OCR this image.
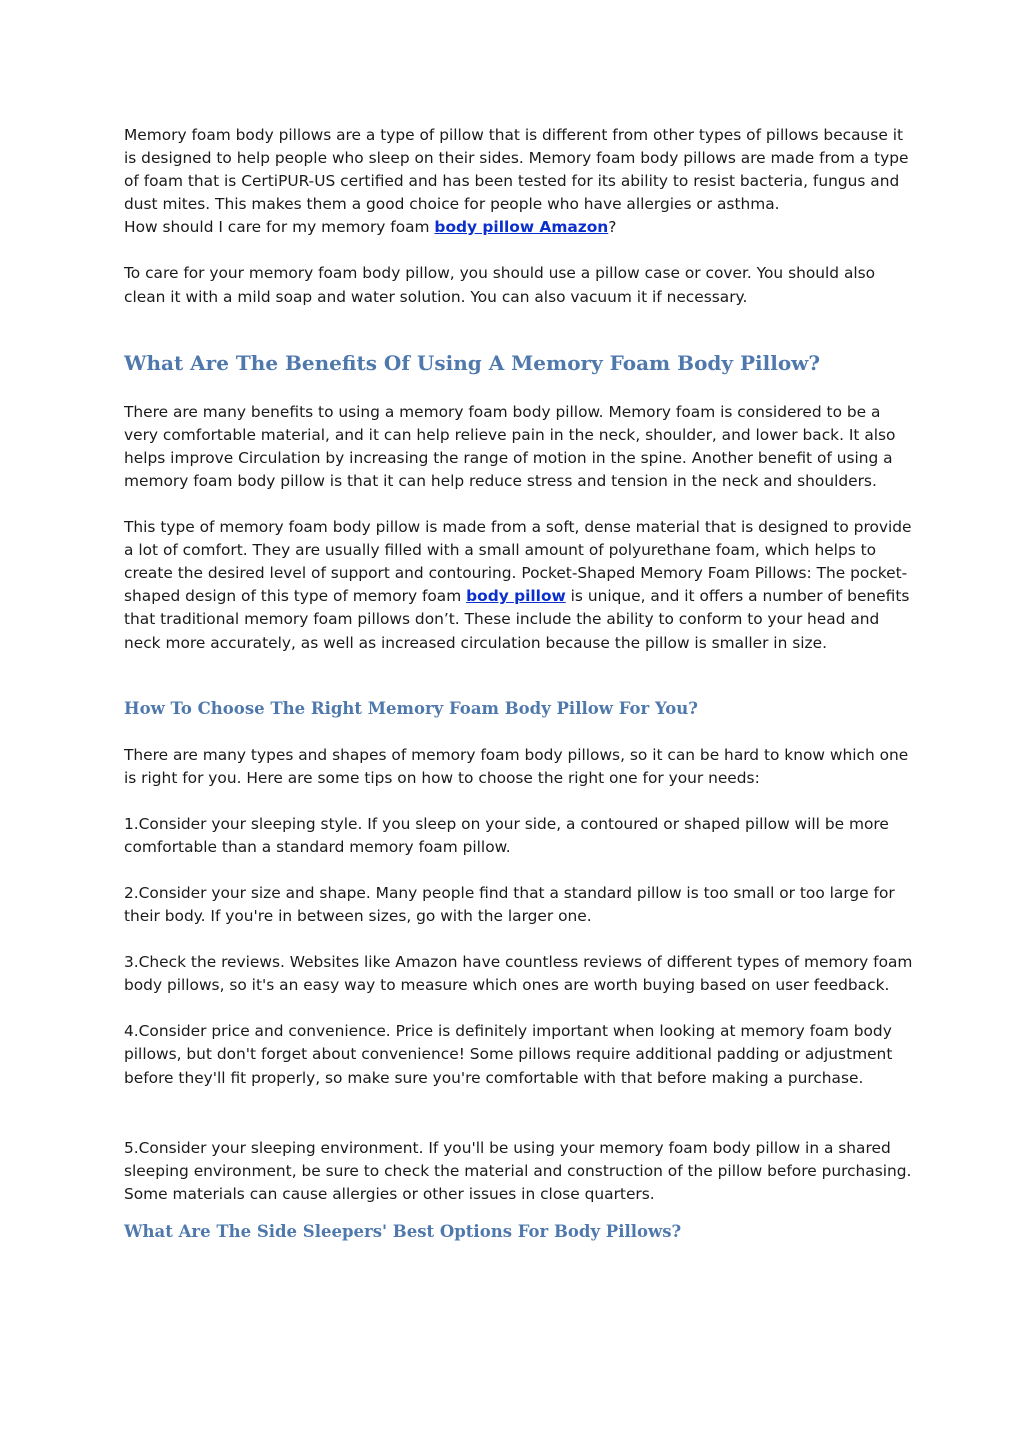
Memory foam body pillows are a type of pillow that is different from other types of pillows because it is designed to help people who sleep on their sides. Memory foam body pillows are made from a type of foam that is CertiPUR-US certified and has been tested for its ability to resist bacteria, fungus and dust mites. This makes them a good choice for people who have allergies or asthma.

How should I care for my memory foam body pillow Amazon?

To care for your memory foam body pillow, you should use a pillow case or cover. You should also clean it with a mild soap and water solution. You can also vacuum it if necessary.

What Are The Benefits Of Using A Memory Foam Body Pillow?

There are many benefits to using a memory foam body pillow. Memory foam is considered to be a very comfortable material, and it can help relieve pain in the neck, shoulder, and lower back. It also helps improve Circulation by increasing the range of motion in the spine. Another benefit of using a memory foam body pillow is that it can help reduce stress and tension in the neck and shoulders.

This type of memory foam body pillow is made from a soft, dense material that is designed to provide a lot of comfort. They are usually filled with a small amount of polyurethane foam, which helps to create the desired level of support and contouring. Pocket-Shaped Memory Foam Pillows: The pocket-shaped design of this type of memory foam body pillow is unique, and it offers a number of benefits that traditional memory foam pillows don’t. These include the ability to conform to your head and neck more accurately, as well as increased circulation because the pillow is smaller in size.

How To Choose The Right Memory Foam Body Pillow For You?

There are many types and shapes of memory foam body pillows, so it can be hard to know which one is right for you. Here are some tips on how to choose the right one for your needs:

1.Consider your sleeping style. If you sleep on your side, a contoured or shaped pillow will be more comfortable than a standard memory foam pillow.

2.Consider your size and shape. Many people find that a standard pillow is too small or too large for their body. If you're in between sizes, go with the larger one.

3.Check the reviews. Websites like Amazon have countless reviews of different types of memory foam body pillows, so it's an easy way to measure which ones are worth buying based on user feedback.

4.Consider price and convenience. Price is definitely important when looking at memory foam body pillows, but don't forget about convenience! Some pillows require additional padding or adjustment before they'll fit properly, so make sure you're comfortable with that before making a purchase.

5.Consider your sleeping environment. If you'll be using your memory foam body pillow in a shared sleeping environment, be sure to check the material and construction of the pillow before purchasing. Some materials can cause allergies or other issues in close quarters.

What Are The Side Sleepers' Best Options For Body Pillows?
